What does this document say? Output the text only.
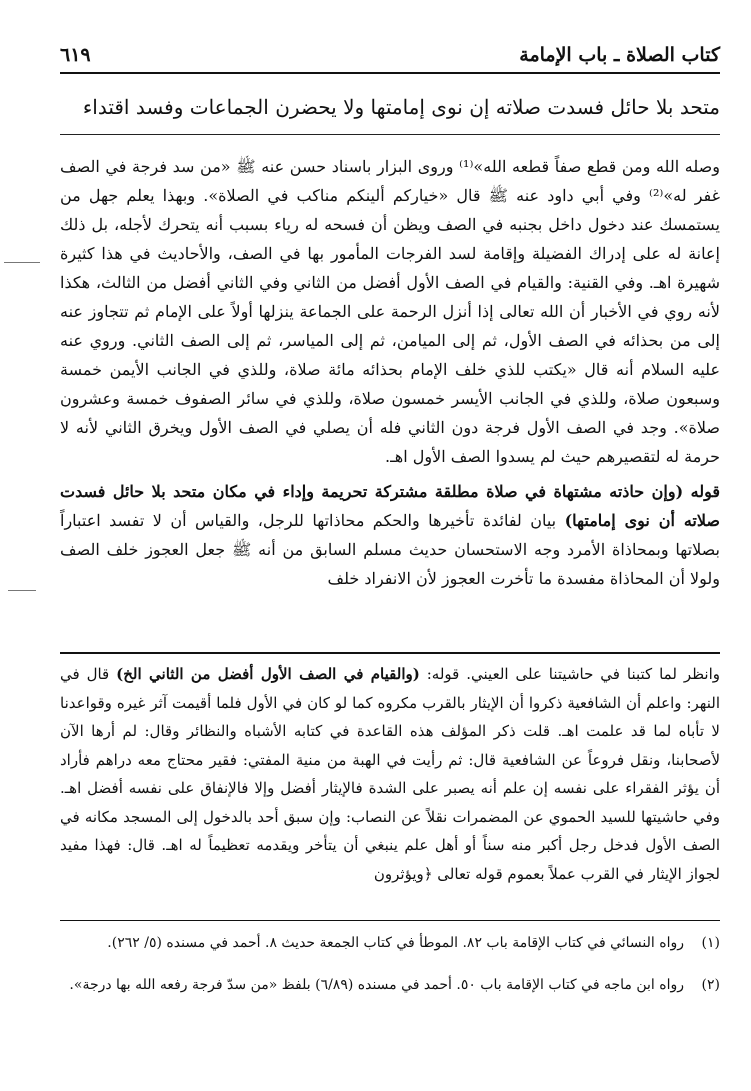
كتاب الصلاة ـ باب الإمامة
٦١٩
متحد بلا حائل فسدت صلاته إن نوى إمامتها ولا يحضرن الجماعات وفسد اقتداء

وصله الله ومن قطع صفاً قطعه الله»⁽¹⁾ وروى البزار باسناد حسن عنه ﷺ «من سد فرجة في الصف غفر له»⁽²⁾ وفي أبي داود عنه ﷺ قال «خياركم ألينكم مناكب في الصلاة». وبهذا يعلم جهل من يستمسك عند دخول داخل بجنبه في الصف ويظن أن فسحه له رياء بسبب أنه يتحرك لأجله، بل ذلك إعانة له على إدراك الفضيلة وإقامة لسد الفرجات المأمور بها في الصف، والأحاديث في هذا كثيرة شهيرة اهـ. وفي القنية: والقيام في الصف الأول أفضل من الثاني وفي الثاني أفضل من الثالث، هكذا لأنه روي في الأخبار أن الله تعالى إذا أنزل الرحمة على الجماعة ينزلها أولاً على الإمام ثم تتجاوز عنه إلى من بحذائه في الصف الأول، ثم إلى الميامن، ثم إلى المياسر، ثم إلى الصف الثاني. وروي عنه عليه السلام أنه قال «يكتب للذي خلف الإمام بحذائه مائة صلاة، وللذي في الجانب الأيمن خمسة وسبعون صلاة، وللذي في الجانب الأيسر خمسون صلاة، وللذي في سائر الصفوف خمسة وعشرون صلاة». وجد في الصف الأول فرجة دون الثاني فله أن يصلي في الصف الأول ويخرق الثاني لأنه لا حرمة له لتقصيرهم حيث لم يسدوا الصف الأول اهـ.

قوله (وإن حاذته مشتهاة في صلاة مطلقة مشتركة تحريمة وإداء في مكان متحد بلا حائل فسدت صلاته أن نوى إمامتها) بيان لفائدة تأخيرها والحكم محاذاتها للرجل، والقياس أن لا تفسد اعتباراً بصلاتها وبمحاذاة الأمرد وجه الاستحسان حديث مسلم السابق من أنه ﷺ جعل العجوز خلف الصف ولولا أن المحاذاة مفسدة ما تأخرت العجوز لأن الانفراد خلف

وانظر لما كتبنا في حاشيتنا على العيني. قوله: (والقيام في الصف الأول أفضل من الثاني الخ) قال في النهر: واعلم أن الشافعية ذكروا أن الإيثار بالقرب مكروه كما لو كان في الأول فلما أقيمت آثر غيره وقواعدنا لا تأباه لما قد علمت اهـ. قلت ذكر المؤلف هذه القاعدة في كتابه الأشباه والنظائر وقال: لم أرها الآن لأصحابنا، ونقل فروعاً عن الشافعية قال: ثم رأيت في الهبة من منية المفتي: فقير محتاج معه دراهم فأراد أن يؤثر الفقراء على نفسه إن علم أنه يصبر على الشدة فالإيثار أفضل وإلا فالإنفاق على نفسه أفضل اهـ. وفي حاشيتها للسيد الحموي عن المضمرات نقلاً عن النصاب: وإن سبق أحد بالدخول إلى المسجد مكانه في الصف الأول فدخل رجل أكبر منه سناً أو أهل علم ينبغي أن يتأخر ويقدمه تعظيماً له اهـ. قال: فهذا مفيد لجواز الإيثار في القرب عملاً بعموم قوله تعالى ﴿ويؤثرون

(١)
رواه النسائي في كتاب الإقامة باب ٨٢. الموطأ في كتاب الجمعة حديث ٨. أحمد في مسنده (٥/ ٢٦٢).
(٢)
رواه ابن ماجه في كتاب الإقامة باب ٥٠. أحمد في مسنده (٦/٨٩) بلفظ «من سدّ فرجة رفعه الله بها درجة».
